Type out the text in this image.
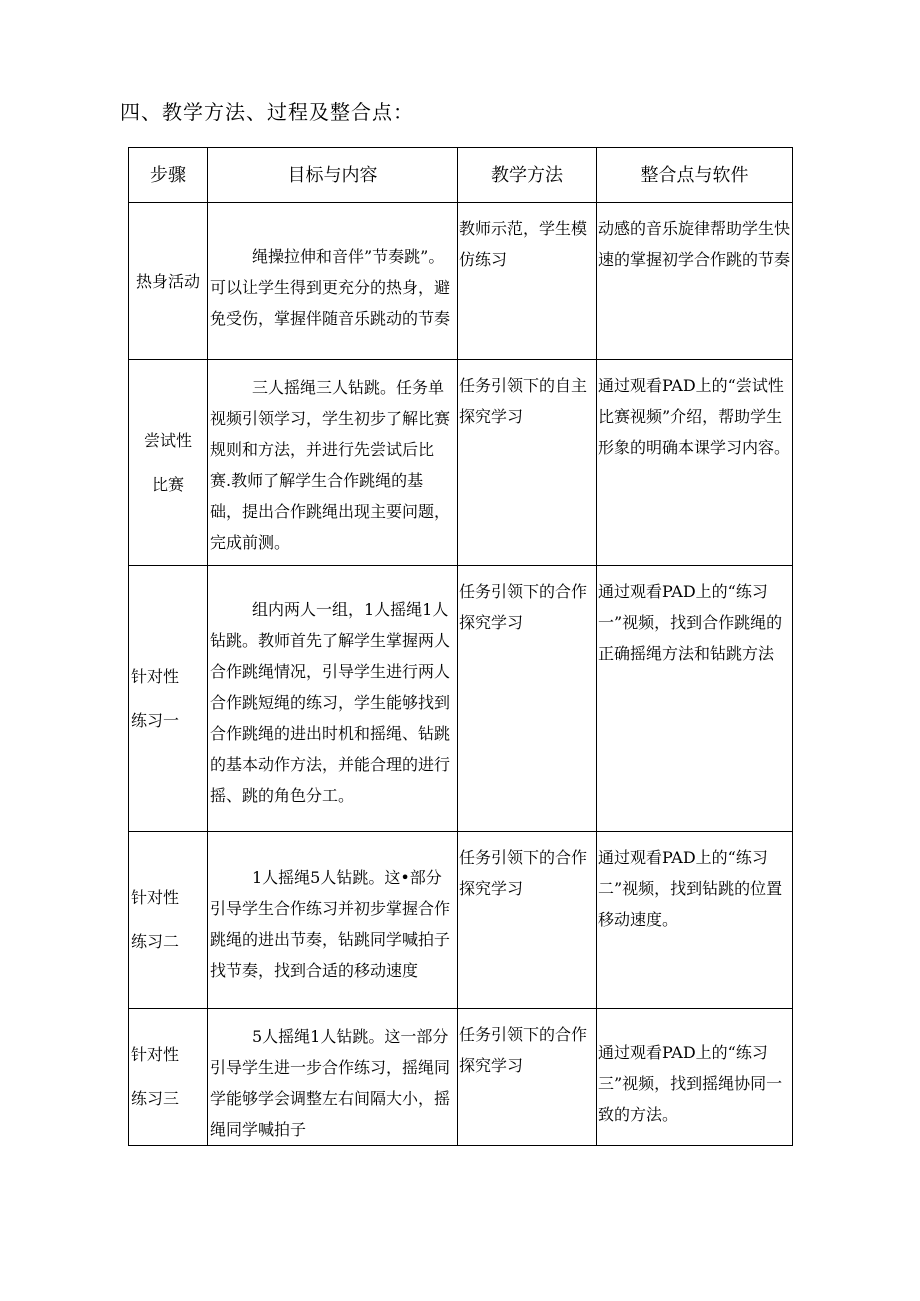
四、教学方法、过程及整合点：
步骤	目标与内容	教学方法	整合点与软件
热身活动	绳操拉伸和音伴”节奏跳”。可以让学生得到更充分的热身，避免受伤，掌握伴随音乐跳动的节奏	教师示范，学生模仿练习	动感的音乐旋律帮助学生快速的掌握初学合作跳的节奏

尝试性
比赛	三人摇绳三人钻跳。任务单视频引领学习，学生初步了解比赛规则和方法，并进行先尝试后比赛.教师了解学生合作跳绳的基础，提出合作跳绳出现主要问题，完成前测。	任务引领下的自主探究学习	通过观看PAD上的“尝试性比赛视频”介绍，帮助学生形象的明确本课学习内容。

针对性
练习一	组内两人一组，1人摇绳1人钻跳。教师首先了解学生掌握两人合作跳绳情况，引导学生进行两人合作跳短绳的练习，学生能够找到合作跳绳的进出时机和摇绳、钻跳的基本动作方法，并能合理的进行摇、跳的角色分工。	任务引领下的合作探究学习	通过观看PAD上的“练习一”视频，找到合作跳绳的正确摇绳方法和钻跳方法

针对性
练习二	1人摇绳5人钻跳。这•部分引导学生合作练习并初步掌握合作跳绳的进出节奏，钻跳同学喊拍子找节奏，找到合适的移动速度	任务引领下的合作探究学习	通过观看PAD上的“练习二”视频，找到钻跳的位置移动速度。

针对性
练习三	5人摇绳1人钻跳。这一部分引导学生进一步合作练习，摇绳同学能够学会调整左右间隔大小，摇绳同学喊拍子	任务引领下的合作探究学习	通过观看PAD上的“练习三”视频，找到摇绳协同一致的方法。
